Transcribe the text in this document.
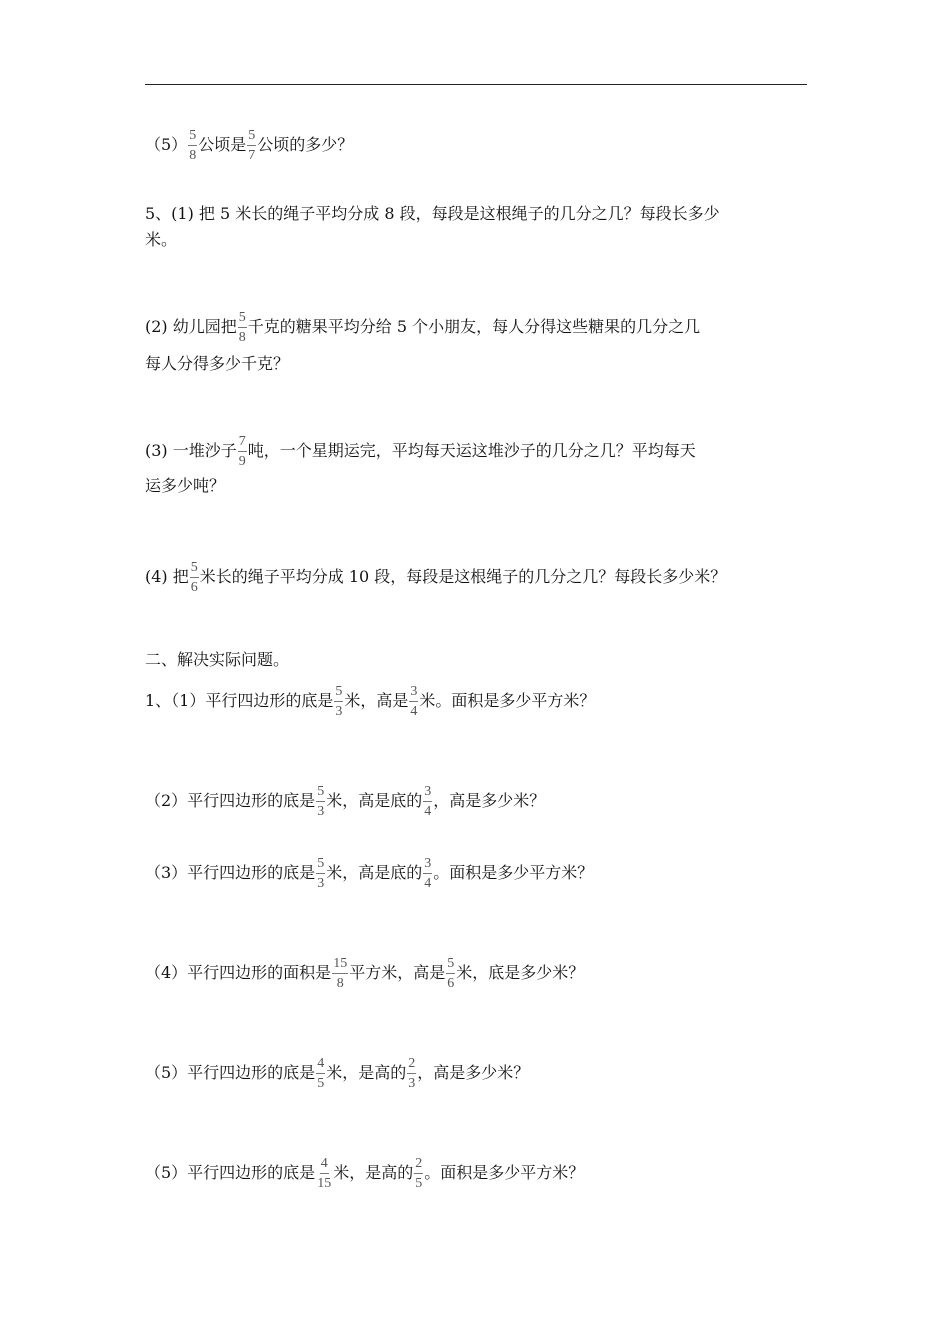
$(5) \frac{5}{8}$ 公顷是 $\frac{5}{7}$ 公顷的多少？
5、(1) 把 5 米长的绳子平均分成 8 段，每段是这根绳子的几分之几？每段长多少
米。
(2) 幼儿园把 $\frac{5}{8}$ 千克的糖果平均分给 5 个小朋友，每人分得这些糖果的几分之几
每人分得多少千克？
(3) 一堆沙子 $\frac{7}{9}$ 吨，一个星期运完，平均每天运这堆沙子的几分之几？平均每天
运多少吨？
(4) 把 $\frac{5}{6}$ 米长的绳子平均分成 10 段，每段是这根绳子的几分之几？每段长多少米？
二、解决实际问题。
1、（1）平行四边形的底是 $\frac{5}{3}$ 米，高是 $\frac{3}{4}$ 米。面积是多少平方米？
（2）平行四边形的底是 $\frac{5}{3}$ 米，高是底的 $\frac{3}{4}$ ，高是多少米？
（3）平行四边形的底是 $\frac{5}{3}$ 米，高是底的 $\frac{3}{4}$ 。面积是多少平方米？
（4）平行四边形的面积是 $\frac{15}{8}$ 平方米，高是 $\frac{5}{6}$ 米，底是多少米？
（5）平行四边形的底是 $\frac{4}{5}$ 米，是高的 $\frac{2}{3}$ ，高是多少米？
（5）平行四边形的底是 $\frac{4}{15}$ 米，是高的 $\frac{2}{5}$ 。面积是多少平方米？
